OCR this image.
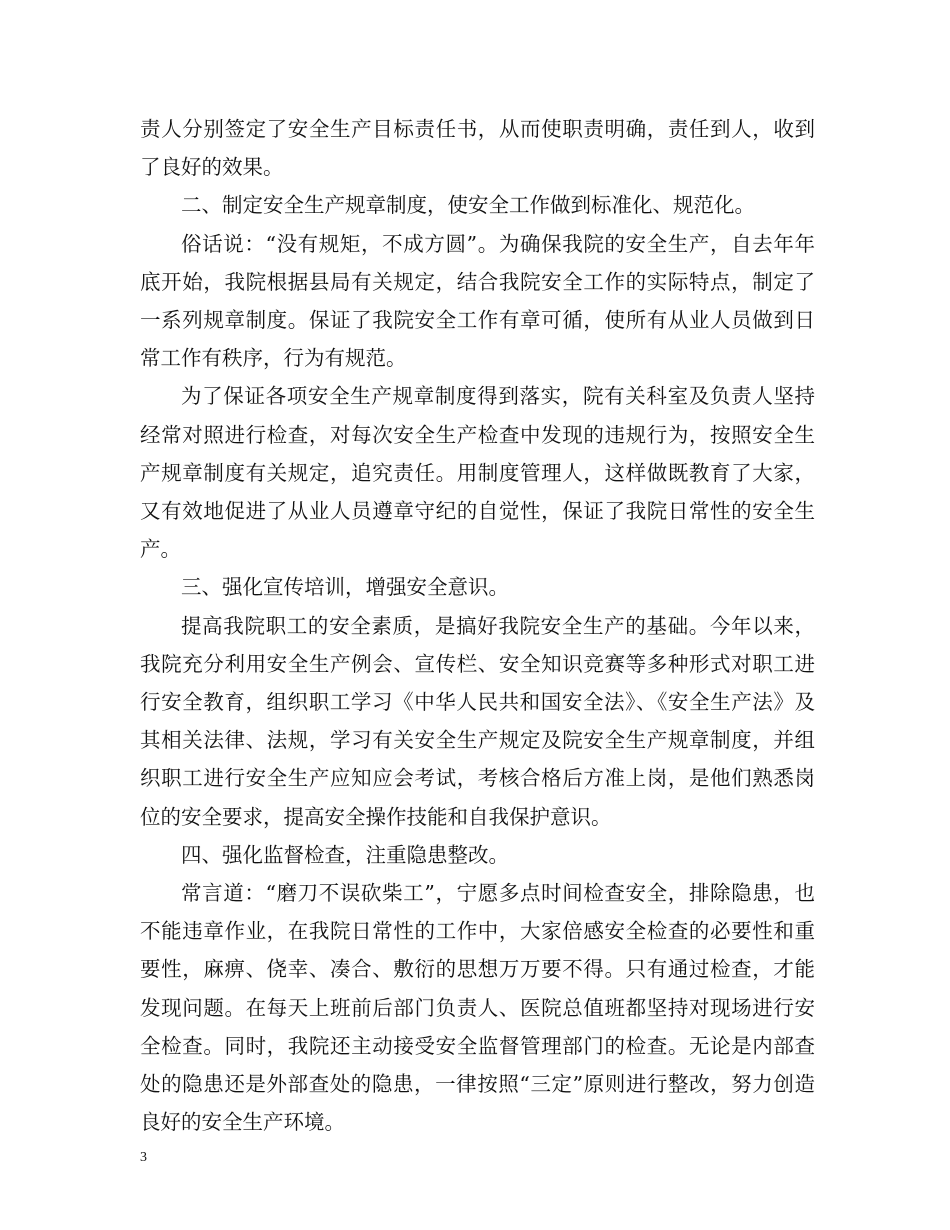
责人分别签定了安全生产目标责任书，从而使职责明确，责任到人，收到了良好的效果。

二、制定安全生产规章制度，使安全工作做到标准化、规范化。

俗话说：“没有规矩，不成方圆”。为确保我院的安全生产，自去年年底开始，我院根据县局有关规定，结合我院安全工作的实际特点，制定了一系列规章制度。保证了我院安全工作有章可循，使所有从业人员做到日常工作有秩序，行为有规范。

为了保证各项安全生产规章制度得到落实，院有关科室及负责人坚持经常对照进行检查，对每次安全生产检查中发现的违规行为，按照安全生产规章制度有关规定，追究责任。用制度管理人，这样做既教育了大家，又有效地促进了从业人员遵章守纪的自觉性，保证了我院日常性的安全生产。

三、强化宣传培训，增强安全意识。

提高我院职工的安全素质，是搞好我院安全生产的基础。今年以来，我院充分利用安全生产例会、宣传栏、安全知识竞赛等多种形式对职工进行安全教育，组织职工学习《中华人民共和国安全法》、《安全生产法》及其相关法律、法规，学习有关安全生产规定及院安全生产规章制度，并组织职工进行安全生产应知应会考试，考核合格后方准上岗，是他们熟悉岗位的安全要求，提高安全操作技能和自我保护意识。

四、强化监督检查，注重隐患整改。

常言道：“磨刀不误砍柴工”，宁愿多点时间检查安全，排除隐患，也不能违章作业，在我院日常性的工作中，大家倍感安全检查的必要性和重要性，麻痹、侥幸、凑合、敷衍的思想万万要不得。只有通过检查，才能发现问题。在每天上班前后部门负责人、医院总值班都坚持对现场进行安全检查。同时，我院还主动接受安全监督管理部门的检查。无论是内部查处的隐患还是外部查处的隐患，一律按照“三定”原则进行整改，努力创造良好的安全生产环境。

3
